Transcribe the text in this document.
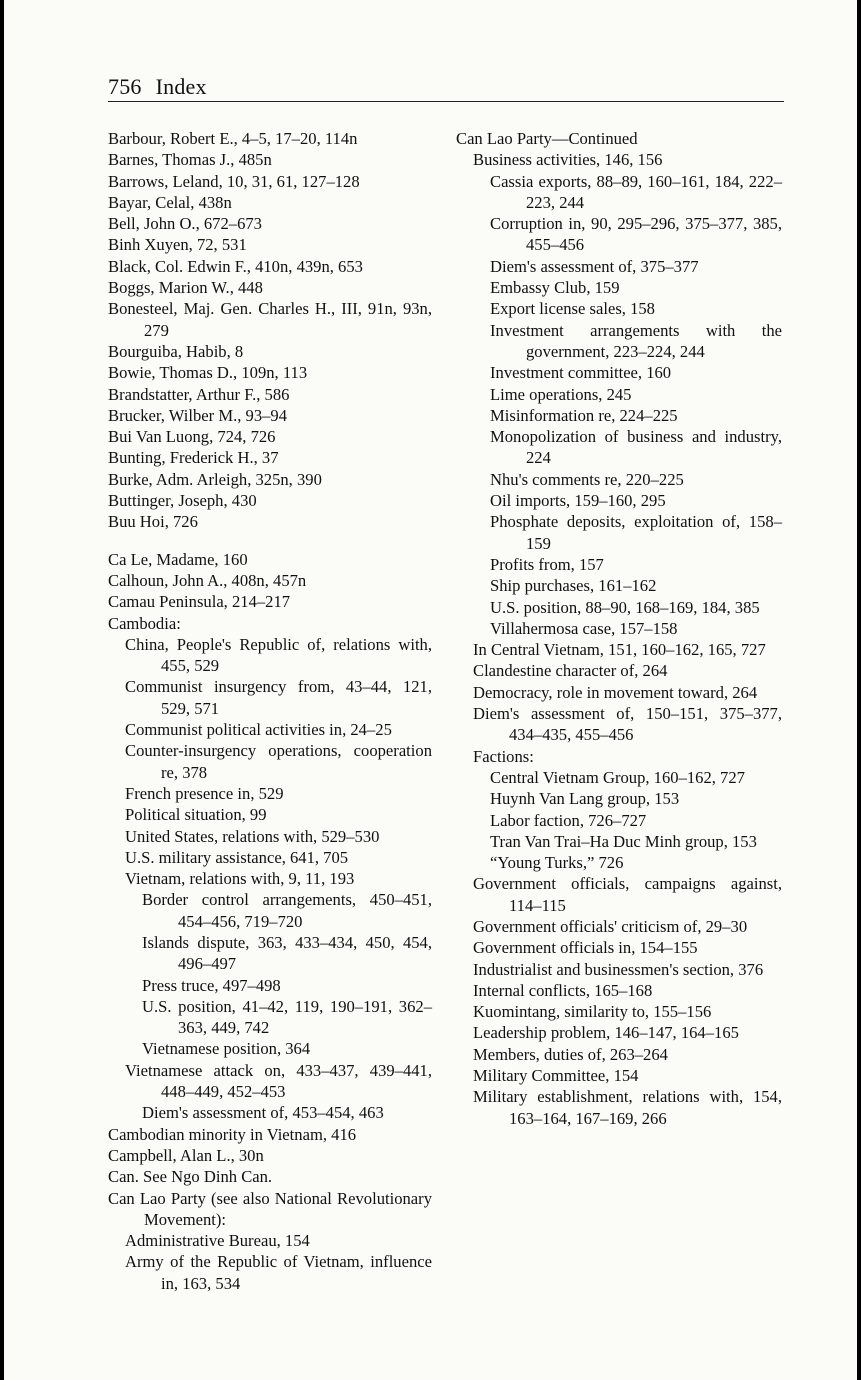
756 Index
Barbour, Robert E., 4–5, 17–20, 114n
Barnes, Thomas J., 485n
Barrows, Leland, 10, 31, 61, 127–128
Bayar, Celal, 438n
Bell, John O., 672–673
Binh Xuyen, 72, 531
Black, Col. Edwin F., 410n, 439n, 653
Boggs, Marion W., 448
Bonesteel, Maj. Gen. Charles H., III, 91n, 93n, 279
Bourguiba, Habib, 8
Bowie, Thomas D., 109n, 113
Brandstatter, Arthur F., 586
Brucker, Wilber M., 93–94
Bui Van Luong, 724, 726
Bunting, Frederick H., 37
Burke, Adm. Arleigh, 325n, 390
Buttinger, Joseph, 430
Buu Hoi, 726
Ca Le, Madame, 160
Calhoun, John A., 408n, 457n
Camau Peninsula, 214–217
Cambodia:
China, People's Republic of, relations with, 455, 529
Communist insurgency from, 43–44, 121, 529, 571
Communist political activities in, 24–25
Counter-insurgency operations, cooperation re, 378
French presence in, 529
Political situation, 99
United States, relations with, 529–530
U.S. military assistance, 641, 705
Vietnam, relations with, 9, 11, 193
Border control arrangements, 450–451, 454–456, 719–720
Islands dispute, 363, 433–434, 450, 454, 496–497
Press truce, 497–498
U.S. position, 41–42, 119, 190–191, 362–363, 449, 742
Vietnamese position, 364
Vietnamese attack on, 433–437, 439–441, 448–449, 452–453
Diem's assessment of, 453–454, 463
Cambodian minority in Vietnam, 416
Campbell, Alan L., 30n
Can. See Ngo Dinh Can.
Can Lao Party (see also National Revolutionary Movement):
Administrative Bureau, 154
Army of the Republic of Vietnam, influence in, 163, 534
Can Lao Party—Continued
Business activities, 146, 156
Cassia exports, 88–89, 160–161, 184, 222–223, 244
Corruption in, 90, 295–296, 375–377, 385, 455–456
Diem's assessment of, 375–377
Embassy Club, 159
Export license sales, 158
Investment arrangements with the government, 223–224, 244
Investment committee, 160
Lime operations, 245
Misinformation re, 224–225
Monopolization of business and industry, 224
Nhu's comments re, 220–225
Oil imports, 159–160, 295
Phosphate deposits, exploitation of, 158–159
Profits from, 157
Ship purchases, 161–162
U.S. position, 88–90, 168–169, 184, 385
Villahermosa case, 157–158
In Central Vietnam, 151, 160–162, 165, 727
Clandestine character of, 264
Democracy, role in movement toward, 264
Diem's assessment of, 150–151, 375–377, 434–435, 455–456
Factions:
Central Vietnam Group, 160–162, 727
Huynh Van Lang group, 153
Labor faction, 726–727
Tran Van Trai–Ha Duc Minh group, 153
“Young Turks,” 726
Government officials, campaigns against, 114–115
Government officials' criticism of, 29–30
Government officials in, 154–155
Industrialist and businessmen's section, 376
Internal conflicts, 165–168
Kuomintang, similarity to, 155–156
Leadership problem, 146–147, 164–165
Members, duties of, 263–264
Military Committee, 154
Military establishment, relations with, 154, 163–164, 167–169, 266
